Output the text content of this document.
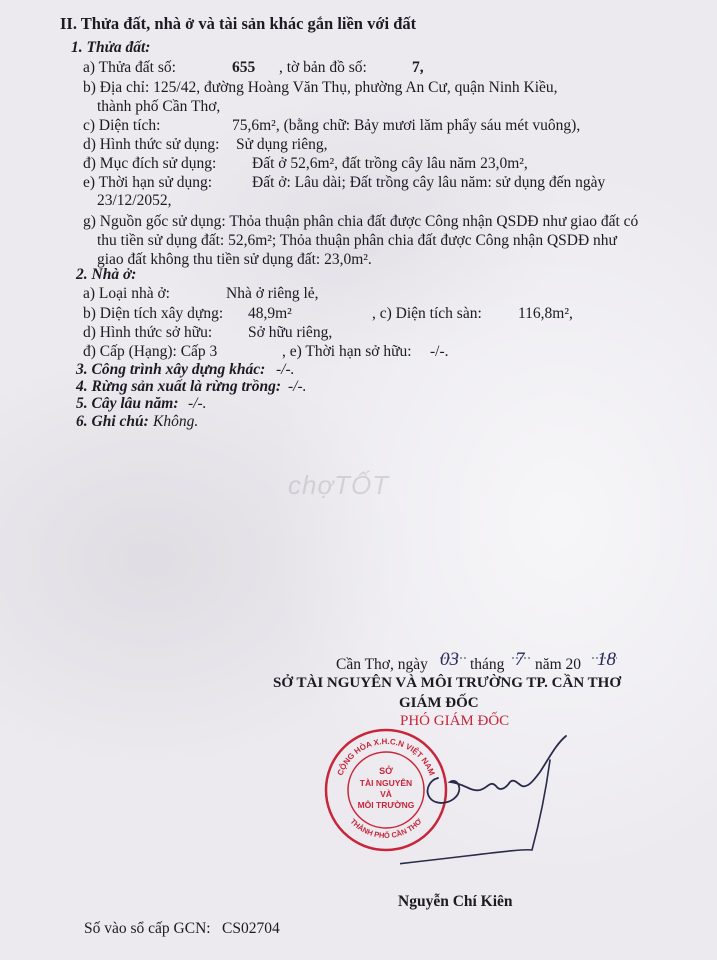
chợTỐT
II. Thửa đất, nhà ở và tài sản khác gắn liền với đất
1. Thửa đất:
a) Thửa đất số:	655 , tờ bản đồ số:	7,
b) Địa chỉ: 125/42, đường Hoàng Văn Thụ, phường An Cư, quận Ninh Kiều,
thành phố Cần Thơ,
c) Diện tích:	75,6m², (bằng chữ: Bảy mươi lăm phẩy sáu mét vuông),
d) Hình thức sử dụng: Sử dụng riêng,
đ) Mục đích sử dụng: Đất ở 52,6m², đất trồng cây lâu năm 23,0m²,
e) Thời hạn sử dụng:	Đất ở: Lâu dài; Đất trồng cây lâu năm: sử dụng đến ngày
23/12/2052,
g) Nguồn gốc sử dụng: Thỏa thuận phân chia đất được Công nhận QSDĐ như giao đất có
thu tiền sử dụng đất: 52,6m²; Thỏa thuận phân chia đất được Công nhận QSDĐ như
giao đất không thu tiền sử dụng đất: 23,0m².
2. Nhà ở:
a) Loại nhà ở:	Nhà ở riêng lẻ,
b) Diện tích xây dựng: 48,9m²	, c) Diện tích sàn: 116,8m²,
d) Hình thức sở hữu: Sở hữu riêng,
đ) Cấp (Hạng): Cấp 3	, e) Thời hạn sở hữu: -/-.
3. Công trình xây dựng khác: -/-.
4. Rừng sản xuất là rừng trồng: -/-.
5. Cây lâu năm: -/-.
6. Ghi chú: Không.
Cần Thơ, ngày 03 tháng 7 năm 20 18
SỞ TÀI NGUYÊN VÀ MÔI TRƯỜNG TP. CẦN THƠ
GIÁM ĐỐC
PHÓ GIÁM ĐỐC
CỘNG HÒA X.H.C.N VIỆT NAM
THÀNH PHỐ CẦN THƠ
SỞ
TÀI NGUYÊN
VÀ
MÔI TRƯỜNG
Nguyễn Chí Kiên
Số vào sổ cấp GCN: CS02704
